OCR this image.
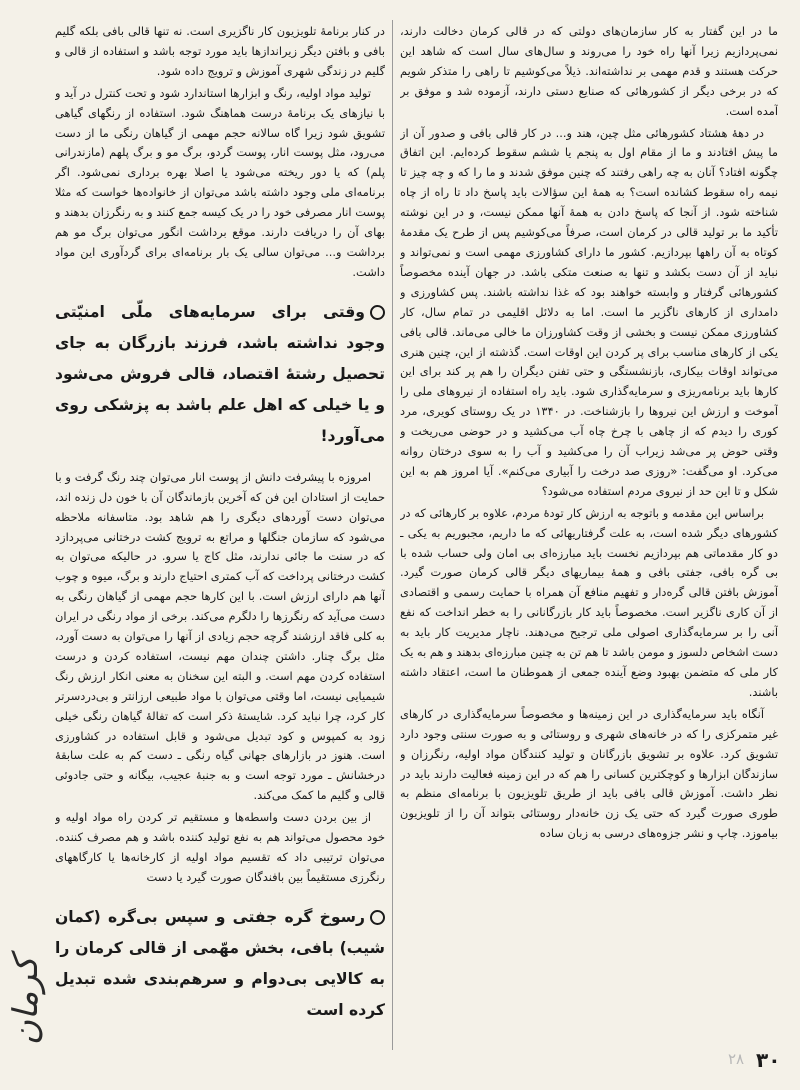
ما در این گفتار به کار سازمان‌های دولتی که در قالی کرمان دخالت دارند، نمی‌پردازیم زیرا آنها راه خود را می‌روند و سال‌های سال است که شاهد این حرکت هستند و قدم مهمی بر نداشته‌اند. ذیلاً می‌کوشیم تا راهی را متذکر شویم که در برخی دیگر از کشورهائی که صنایع دستی دارند، آزموده شد و موفق بر آمده است.

در دههٔ هشتاد کشورهائی مثل چین، هند و... در کار قالی بافی و صدور آن از ما پیش افتادند و ما از مقام اول به پنجم یا ششم سقوط کرده‌ایم. این اتفاق چگونه افتاد؟ آنان به چه راهی رفتند که چنین موفق شدند و ما را که و چه چیز تا نیمه راه سقوط کشانده است؟ به همهٔ این سؤالات باید پاسخ داد تا راه از چاه شناخته شود. از آنجا که پاسخ دادن به همهٔ آنها ممکن نیست، و در این نوشته تأکید ما بر تولید قالی در کرمان است، صرفاً می‌کوشیم پس از طرح یک مقدمهٔ کوتاه به آن راهها بپردازیم. کشور ما دارای کشاورزی مهمی است و نمی‌تواند و نباید از آن دست بکشد و تنها به صنعت متکی باشد. در جهان آینده مخصوصاً کشورهائی گرفتار و وابسته خواهند بود که غذا نداشته باشند. پس کشاورزی و دامداری از کارهای ناگزیر ما است. اما به دلائل اقلیمی در تمام سال، کار کشاورزی ممکن نیست و بخشی از وقت کشاورزان ما خالی می‌ماند. قالی بافی یکی از کارهای مناسب برای پر کردن این اوقات است. گذشته از این، چنین هنری می‌تواند اوقات بیکاری، بازنشستگی و حتی تفنن دیگران را هم پر کند برای این کارها باید برنامه‌ریزی و سرمایه‌گذاری شود. باید راه استفاده از نیروهای ملی را آموخت و ارزش این نیروها را بازشناخت. در ۱۳۴۰ در یک روستای کویری، مرد کوری را دیدم که از چاهی با چرخ چاه آب می‌کشید و در حوضی می‌ریخت و وقتی حوض پر می‌شد زیراب آن را می‌کشید و آب را به سوی درختان روانه می‌کرد. او می‌گفت: «روزی صد درخت را آبیاری می‌کنم». آیا امروز هم به این شکل و تا این حد از نیروی مردم استفاده می‌شود؟

براساس این مقدمه و باتوجه به ارزش کار تودهٔ مردم، علاوه بر کارهائی که در کشورهای دیگر شده است، به علت گرفتاریهائی که ما داریم، مجبوریم به یکی ـ دو کار مقدماتی هم بپردازیم نخست باید مبارزه‌ای بی امان ولی حساب شده با بی گره بافی، جفتی بافی و همهٔ بیماریهای دیگر قالی کرمان صورت گیرد. آموزش بافتن قالی گره‌دار و تفهیم منافع آن همراه با حمایت رسمی و اقتصادی از آن کاری ناگزیر است. مخصوصاً باید کار بازرگانانی را به خطر انداخت که نفع آنی را بر سرمایه‌گذاری اصولی ملی ترجیح می‌دهند. ناچار مدیریت کار باید به دست اشخاص دلسوز و مومن باشد تا هم تن به چنین مبارزه‌ای بدهند و هم به یک کار ملی که متضمن بهبود وضع آینده جمعی از هموطنان ما است، اعتقاد داشته باشند.

آنگاه باید سرمایه‌گذاری در این زمینه‌ها و مخصوصاً سرمایه‌گذاری در کارهای غیر متمرکزی را که در خانه‌های شهری و روستائی و به صورت سنتی وجود دارد تشویق کرد. علاوه بر تشویق بازرگانان و تولید کنندگان مواد اولیه، رنگرزان و سازندگان ابزارها و کوچکترین کسانی را هم که در این زمینه فعالیت دارند باید در نظر داشت. آموزش قالی بافی باید از طریق تلویزیون با برنامه‌ای منظم به طوری صورت گیرد که حتی یک زن خانه‌دار روستائی بتواند آن را از تلویزیون بیاموزد. چاپ و نشر جزوه‌های درسی به زبان ساده

در کنار برنامهٔ تلویزیون کار ناگزیری است. نه تنها قالی بافی بلکه گلیم بافی و بافتن دیگر زیراندازها باید مورد توجه باشد و استفاده از قالی و گلیم در زندگی شهری آموزش و ترویج داده شود.

تولید مواد اولیه، رنگ و ابزارها استاندارد شود و تحت کنترل در آید و با نیازهای یک برنامهٔ درست هماهنگ شود. استفاده از رنگهای گیاهی تشویق شود زیرا گاه سالانه حجم مهمی از گیاهان رنگی ما از دست می‌رود، مثل پوست انار، پوست گردو، برگ مو و برگ پلهم (مازندرانی پلم) که یا دور ریخته می‌شود یا اصلا بهره برداری نمی‌شود. اگر برنامه‌ای ملی وجود داشته باشد می‌توان از خانواده‌ها خواست که مثلا پوست انار مصرفی خود را در یک کیسه جمع کنند و به رنگرزان بدهند و بهای آن را دریافت دارند. موقع برداشت انگور می‌توان برگ مو هم برداشت و... می‌توان سالی یک بار برنامه‌ای برای گردآوری این مواد داشت.

وقتی برای سرمایه‌های ملّی امنیّتی وجود نداشته باشد، فرزند بازرگان به جای تحصیل رشتهٔ اقتصاد، قالی فروش می‌شود و یا خیلی که اهل علم باشد به پزشکی روی می‌آورد!

امروزه با پیشرفت دانش از پوست انار می‌توان چند رنگ گرفت و با حمایت از استادان این فن که آخرین بازماندگان آن با خون دل زنده اند، می‌توان دست آوردهای دیگری را هم شاهد بود. متاسفانه ملاحظه می‌شود که سازمان جنگلها و مراتع به ترویج کشت درختانی می‌پردازد که در سنت ما جائی ندارند، مثل کاج یا سرو. در حالیکه می‌توان به کشت درختانی پرداخت که آب کمتری احتیاج دارند و برگ، میوه و چوب آنها هم دارای ارزش است. با این کارها حجم مهمی از گیاهان رنگی به دست می‌آید که رنگرزها را دلگرم می‌کند. برخی از مواد رنگی در ایران به کلی فاقد ارزشند گرچه حجم زیادی از آنها را می‌توان به دست آورد، مثل برگ چنار. داشتن چندان مهم نیست، استفاده کردن و درست استفاده کردن مهم است. و البته این سخنان به معنی انکار ارزش رنگ شیمیایی نیست، اما وقتی می‌توان با مواد طبیعی ارزانتر و بی‌دردسرتر کار کرد، چرا نباید کرد. شایستهٔ ذکر است که تفالهٔ گیاهان رنگی خیلی زود به کمپوس و کود تبدیل می‌شود و قابل استفاده در کشاورزی است. هنوز در بازارهای جهانی گیاه رنگی ـ دست کم به علت سابقهٔ درخشانش ـ مورد توجه است و به جنبهٔ عجیب، بیگانه و حتی جادوئی قالی و گلیم ما کمک می‌کند.

از بین بردن دست واسطه‌ها و مستقیم تر کردن راه مواد اولیه و خود محصول می‌تواند هم به نفع تولید کننده باشد و هم مصرف کننده. می‌توان ترتیبی داد که تقسیم مواد اولیه از کارخانه‌ها یا کارگاههای رنگرزی مستقیماً بین بافندگان صورت گیرد یا دست

رسوخ گره جفتی و سپس بی‌گره (کمان شیب) بافی، بخش مهّمی از قالی کرمان را به کالایی بی‌دوام و سرهم‌بندی شده تبدیل کرده است
کرمان
۲۸ ۳۰
